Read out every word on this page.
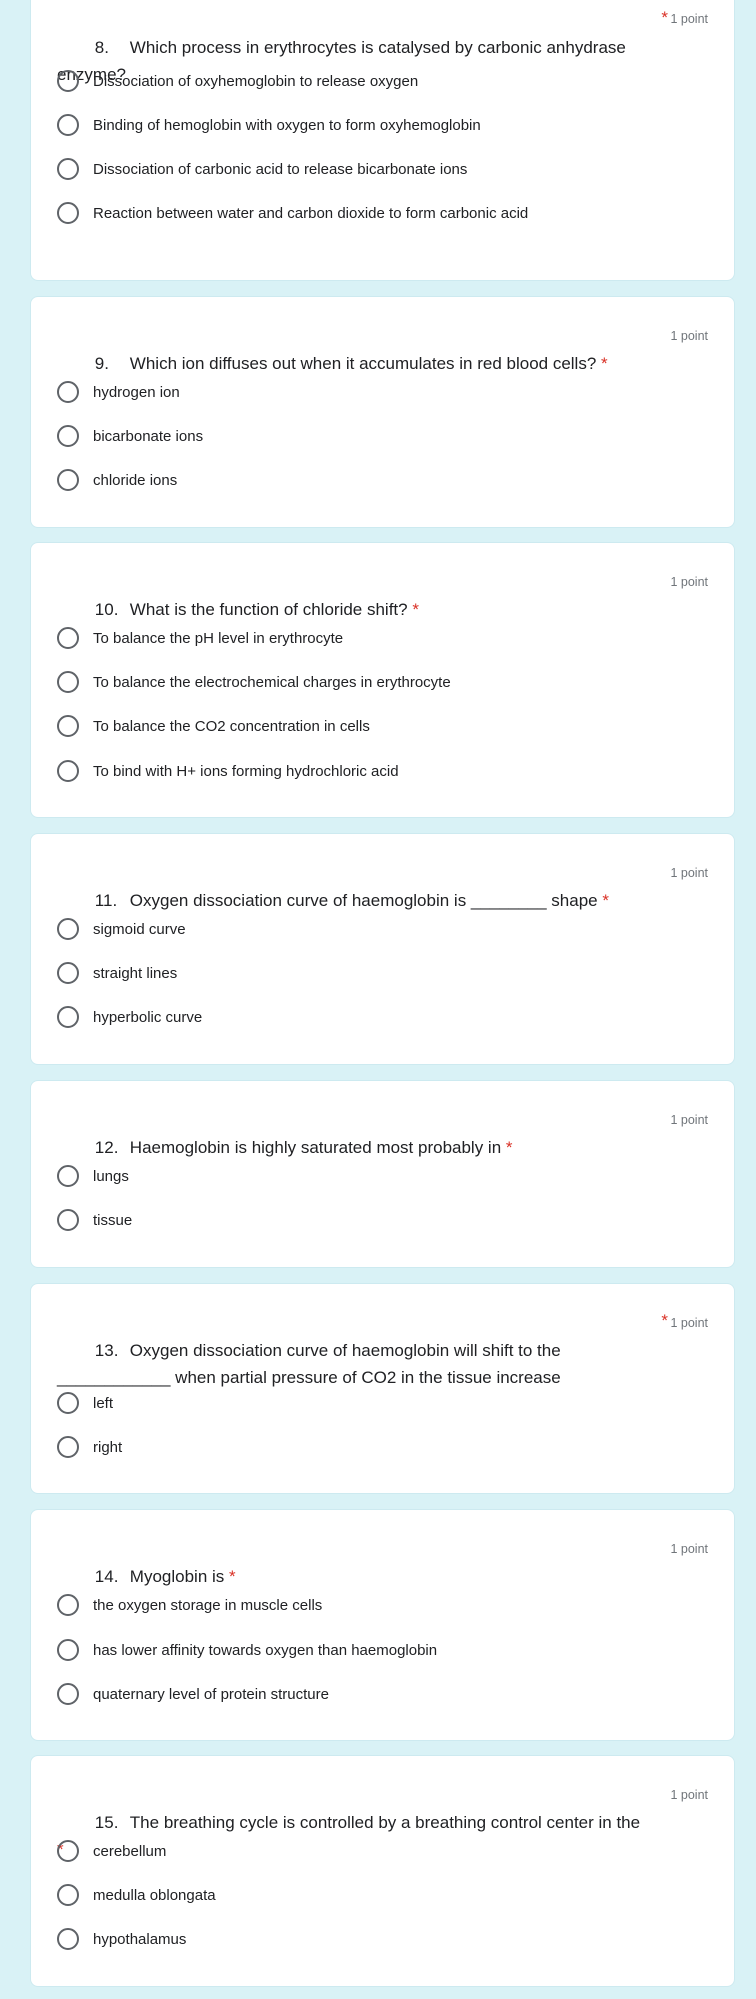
8. Which process in erythrocytes is catalysed by carbonic anhydrase enzyme?

* 1 point
Dissociation of oxyhemoglobin to release oxygen
Binding of hemoglobin with oxygen to form oxyhemoglobin
Dissociation of carbonic acid to release bicarbonate ions
Reaction between water and carbon dioxide to form carbonic acid

9. Which ion diffuses out when it accumulates in red blood cells? *

1 point
hydrogen ion
bicarbonate ions
chloride ions

10. What is the function of chloride shift? *

1 point
To balance the pH level in erythrocyte
To balance the electrochemical charges in erythrocyte
To balance the CO2 concentration in cells
To bind with H+ ions forming hydrochloric acid

11. Oxygen dissociation curve of haemoglobin is ________ shape *

1 point
sigmoid curve
straight lines
hyperbolic curve

12. Haemoglobin is highly saturated most probably in *

1 point
lungs
tissue

13. Oxygen dissociation curve of haemoglobin will shift to the ____________ when partial pressure of CO2 in the tissue increase

* 1 point
left
right

14. Myoglobin is *

1 point
the oxygen storage in muscle cells
has lower affinity towards oxygen than haemoglobin
quaternary level of protein structure

15. The breathing cycle is controlled by a breathing control center in the *

1 point
cerebellum
medulla oblongata
hypothalamus
